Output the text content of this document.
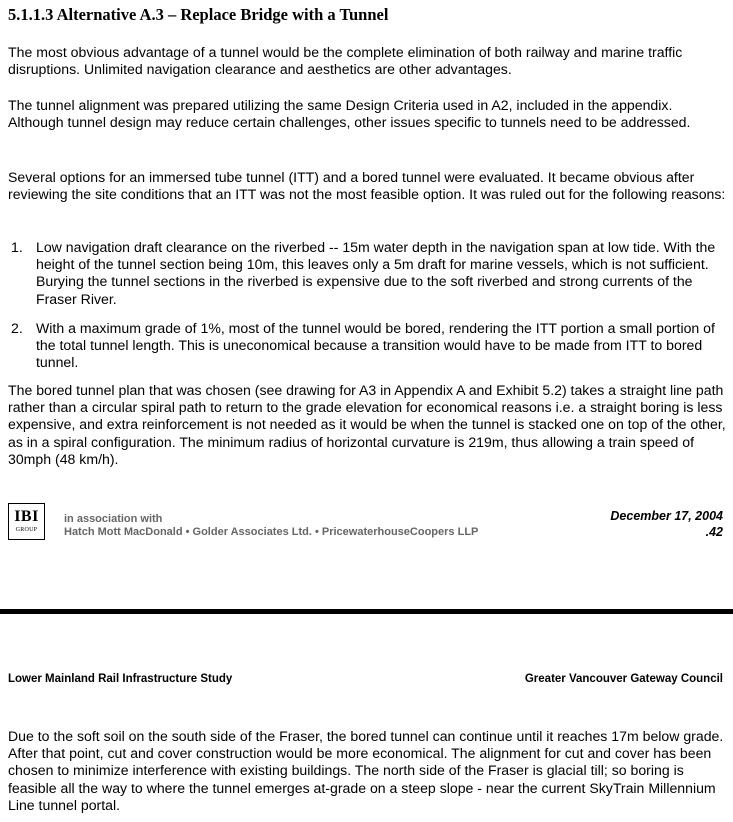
5.1.1.3 Alternative A.3 – Replace Bridge with a Tunnel

The most obvious advantage of a tunnel would be the complete elimination of both railway and marine traffic disruptions. Unlimited navigation clearance and aesthetics are other advantages.

The tunnel alignment was prepared utilizing the same Design Criteria used in A2, included in the appendix. Although tunnel design may reduce certain challenges, other issues specific to tunnels need to be addressed.

Several options for an immersed tube tunnel (ITT) and a bored tunnel were evaluated. It became obvious after reviewing the site conditions that an ITT was not the most feasible option. It was ruled out for the following reasons:

1. Low navigation draft clearance on the riverbed -- 15m water depth in the navigation span at low tide. With the height of the tunnel section being 10m, this leaves only a 5m draft for marine vessels, which is not sufficient. Burying the tunnel sections in the riverbed is expensive due to the soft riverbed and strong currents of the Fraser River.
2. With a maximum grade of 1%, most of the tunnel would be bored, rendering the ITT portion a small portion of the total tunnel length. This is uneconomical because a transition would have to be made from ITT to bored tunnel.

The bored tunnel plan that was chosen (see drawing for A3 in Appendix A and Exhibit 5.2) takes a straight line path rather than a circular spiral path to return to the grade elevation for economical reasons i.e. a straight boring is less expensive, and extra reinforcement is not needed as it would be when the tunnel is stacked one on top of the other, as in a spiral configuration. The minimum radius of horizontal curvature is 219m, thus allowing a train speed of 30mph (48 km/h).

IBI
GROUP
in association with
Hatch Mott MacDonald • Golder Associates Ltd. • PricewaterhouseCoopers LLP
December 17, 2004
.42
Lower Mainland Rail Infrastructure Study	Greater Vancouver Gateway Council

Due to the soft soil on the south side of the Fraser, the bored tunnel can continue until it reaches 17m below grade. After that point, cut and cover construction would be more economical. The alignment for cut and cover has been chosen to minimize interference with existing buildings. The north side of the Fraser is glacial till; so boring is feasible all the way to where the tunnel emerges at-grade on a steep slope - near the current SkyTrain Millennium Line tunnel portal.
